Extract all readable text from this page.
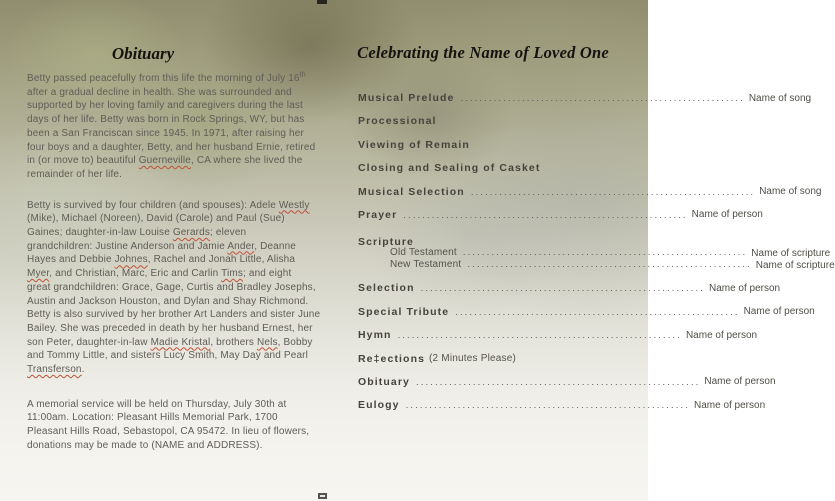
Obituary
Betty passed peacefully from this life the morning of July 16th
after a gradual decline in health. She was surrounded and
supported by her loving family and caregivers during the last
days of her life. Betty was born in Rock Springs, WY, but has
been a San Franciscan since 1945. In 1971, after raising her
four boys and a daughter, Betty, and her husband Ernie, retired
in (or move to) beautiful Guerneville, CA where she lived the
remainder of her life.
Betty is survived by four children (and spouses): Adele Westly
(Mike), Michael (Noreen), David (Carole) and Paul (Sue)
Gaines; daughter-in-law Louise Gerards; eleven
grandchildren: Justine Anderson and Jamie Ander, Deanne
Hayes and Debbie Johnes, Rachel and Jonah Little, Alisha
Myer, and Christian, Marc, Eric and Carlin Tims; and eight
great grandchildren: Grace, Gage, Curtis and Bradley Josephs,
Austin and Jackson Houston, and Dylan and Shay Richmond.
Betty is also survived by her brother Art Landers and sister June
Bailey. She was preceded in death by her husband Ernest, her
son Peter, daughter-in-law Madie Kristal, brothers Nels, Bobby
and Tommy Little, and sisters Lucy Smith, May Day and Pearl
Transferson.
A memorial service will be held on Thursday, July 30th at
11:00am. Location: Pleasant Hills Memorial Park, 1700
Pleasant Hills Road, Sebastopol, CA 95472. In lieu of flowers,
donations may be made to (NAME and ADDRESS).
Celebrating the Name of Loved One
Musical Prelude ............................................................ Name of song
Processional
Viewing of Remain
Closing and Sealing of Casket
Musical Selection ............................................................ Name of song
Prayer ............................................................ Name of person
Scripture
Old Testament ............................................................ Name of scripture
New Testament ............................................................ Name of scripture
Selection ............................................................ Name of person
Special Tribute ............................................................ Name of person
Hymn ............................................................ Name of person
Re‡ections (2 Minutes Please)
Obituary ............................................................ Name of person
Eulogy ............................................................ Name of person
